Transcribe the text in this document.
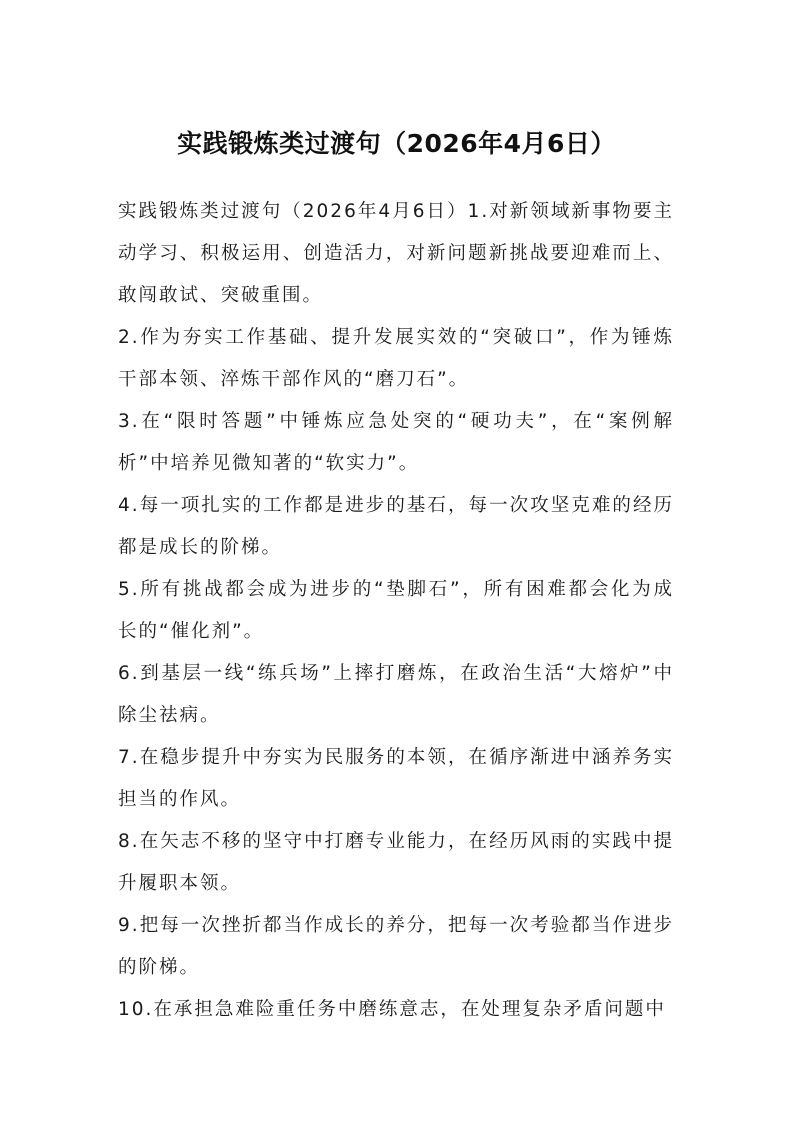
实践锻炼类过渡句（2026年4月6日）

实践锻炼类过渡句（2026年4月6日）1.对新领域新事物要主动学习、积极运用、创造活力，对新问题新挑战要迎难而上、敢闯敢试、突破重围。

2.作为夯实工作基础、提升发展实效的“突破口”，作为锤炼干部本领、淬炼干部作风的“磨刀石”。

3.在“限时答题”中锤炼应急处突的“硬功夫”，在“案例解析”中培养见微知著的“软实力”。

4.每一项扎实的工作都是进步的基石，每一次攻坚克难的经历都是成长的阶梯。

5.所有挑战都会成为进步的“垫脚石”，所有困难都会化为成长的“催化剂”。

6.到基层一线“练兵场”上摔打磨炼，在政治生活“大熔炉”中除尘祛病。

7.在稳步提升中夯实为民服务的本领，在循序渐进中涵养务实担当的作风。

8.在矢志不移的坚守中打磨专业能力，在经历风雨的实践中提升履职本领。

9.把每一次挫折都当作成长的养分，把每一次考验都当作进步的阶梯。

10.在承担急难险重任务中磨练意志，在处理复杂矛盾问题中
